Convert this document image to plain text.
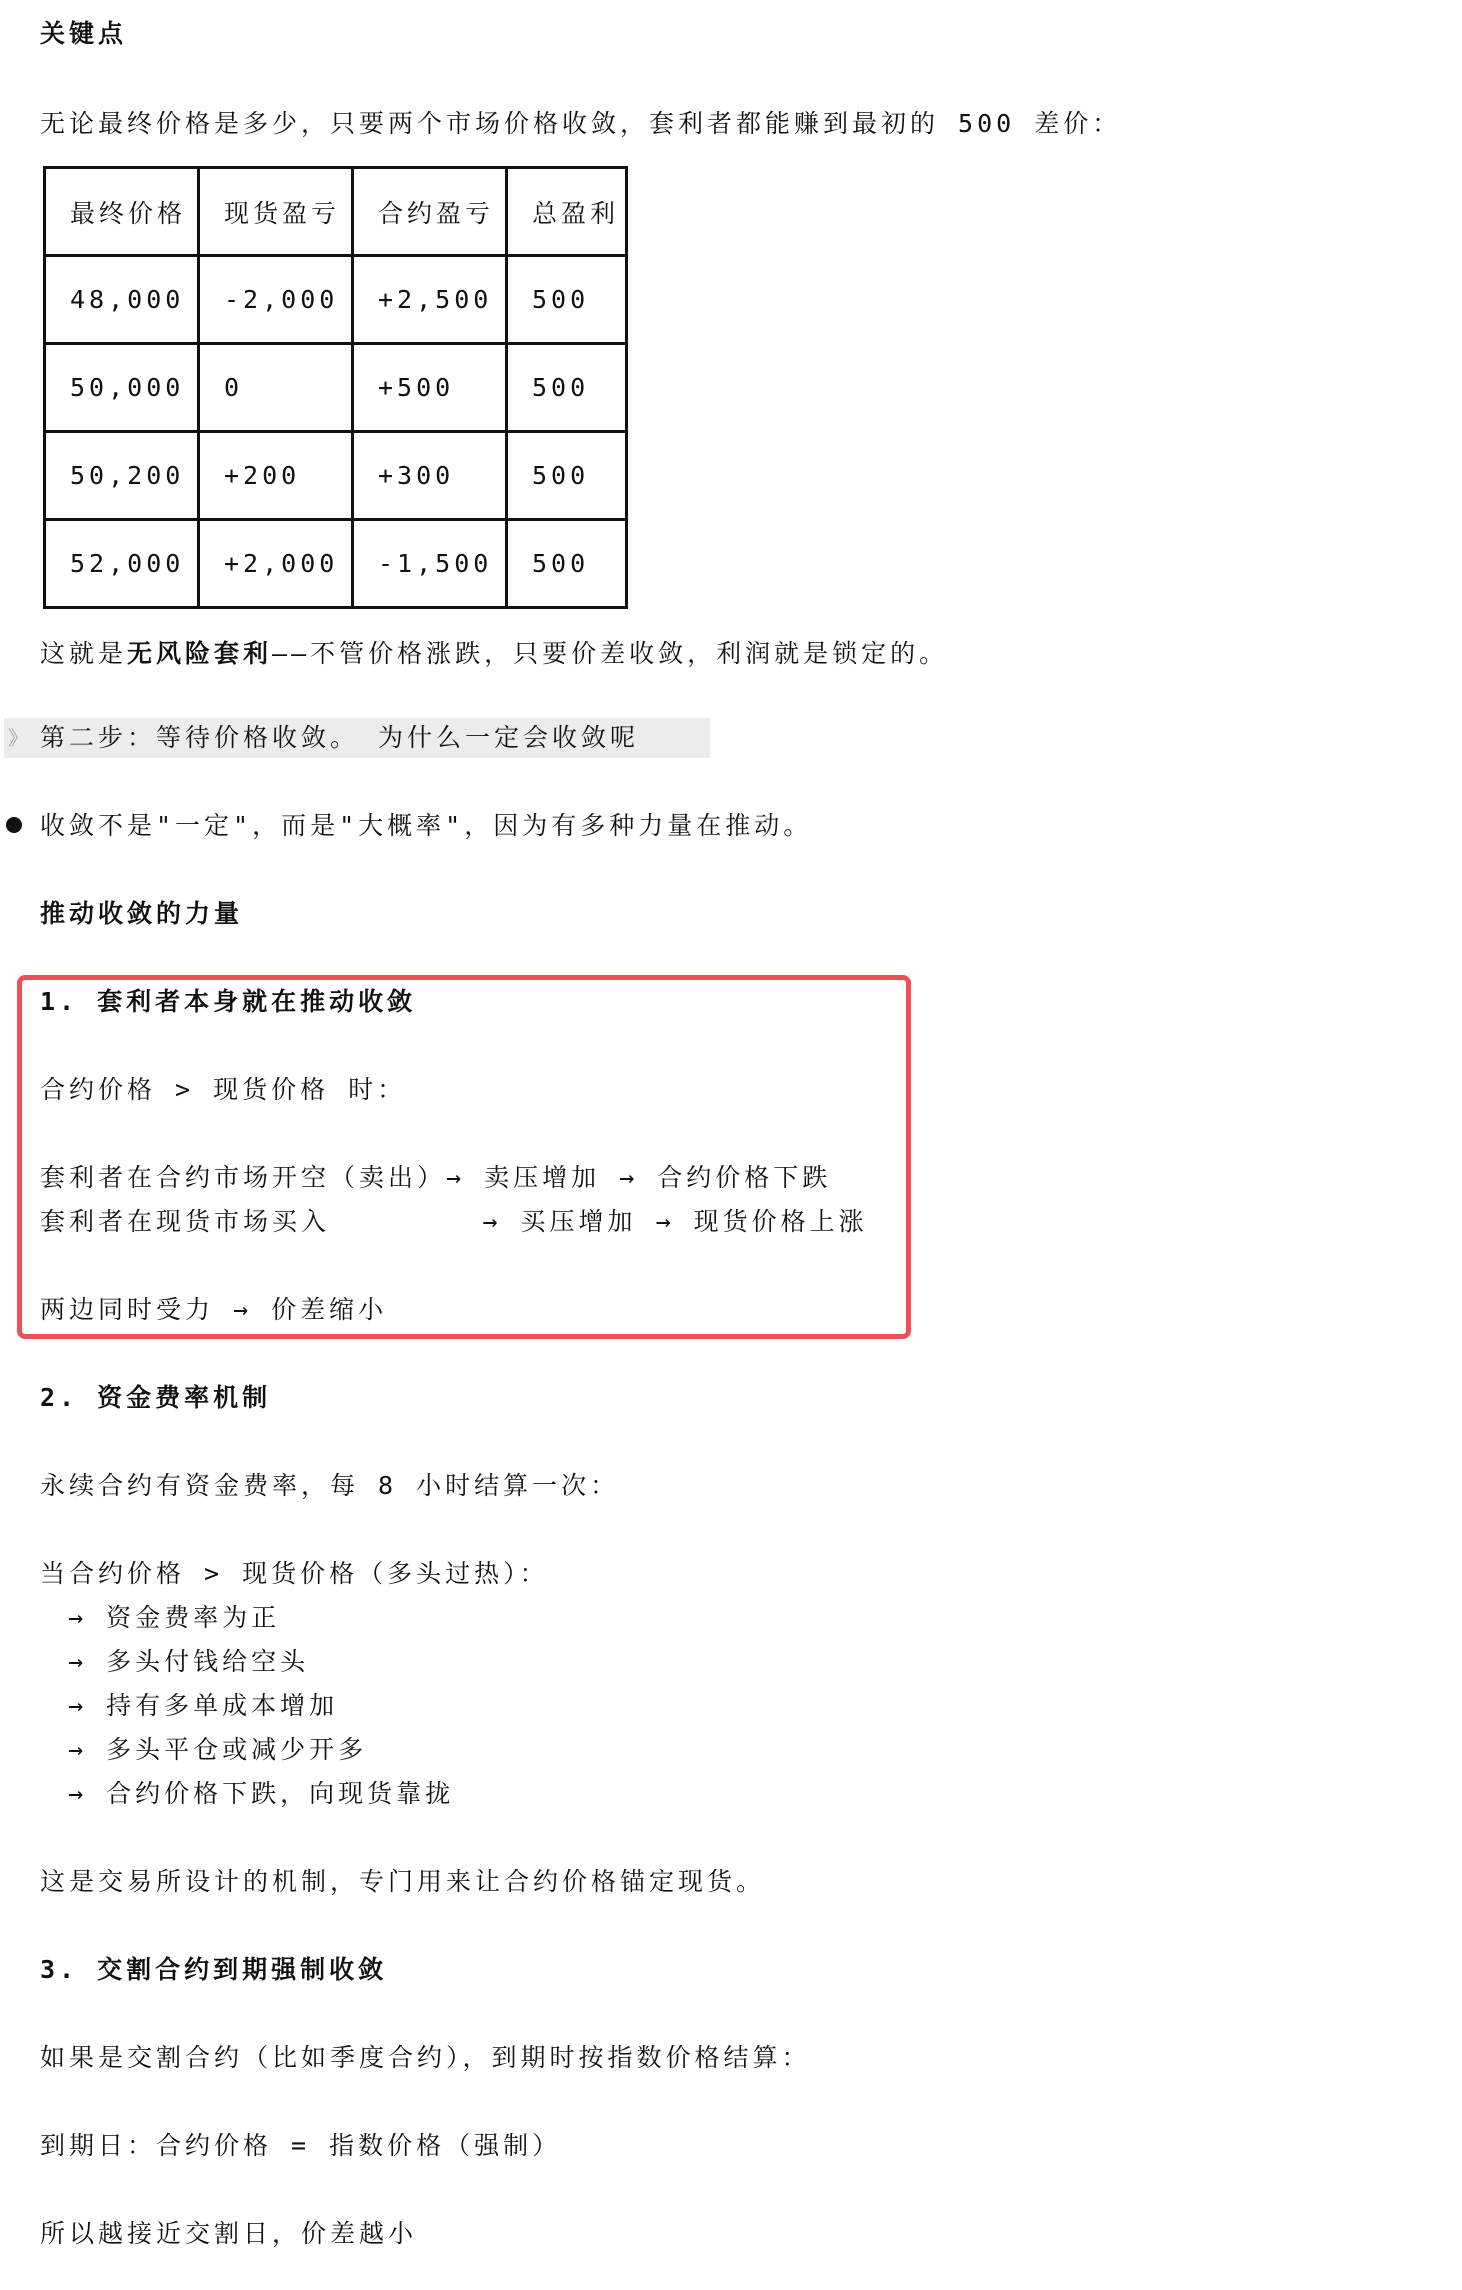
关键点
无论最终价格是多少，只要两个市场价格收敛，套利者都能赚到最初的 500 差价：
最终价格	现货盈亏	合约盈亏	总盈利
48,000	-2,000	+2,500	500
50,000	0	+500	500
50,200	+200	+300	500
52,000	+2,000	-1,500	500
这就是无风险套利——不管价格涨跌，只要价差收敛，利润就是锁定的。
》 第二步：等待价格收敛。 为什么一定会收敛呢
收敛不是"一定"，而是"大概率"，因为有多种力量在推动。
推动收敛的力量
1. 套利者本身就在推动收敛
合约价格 > 现货价格 时：
套利者在合约市场开空（卖出）→ 卖压增加 → 合约价格下跌
套利者在现货市场买入        → 买压增加 → 现货价格上涨
两边同时受力 → 价差缩小
2. 资金费率机制
永续合约有资金费率，每 8 小时结算一次：
当合约价格 > 现货价格（多头过热）：
→ 资金费率为正
→ 多头付钱给空头
→ 持有多单成本增加
→ 多头平仓或减少开多
→ 合约价格下跌，向现货靠拢
这是交易所设计的机制，专门用来让合约价格锚定现货。
3. 交割合约到期强制收敛
如果是交割合约（比如季度合约），到期时按指数价格结算：
到期日：合约价格 = 指数价格（强制）
所以越接近交割日，价差越小
